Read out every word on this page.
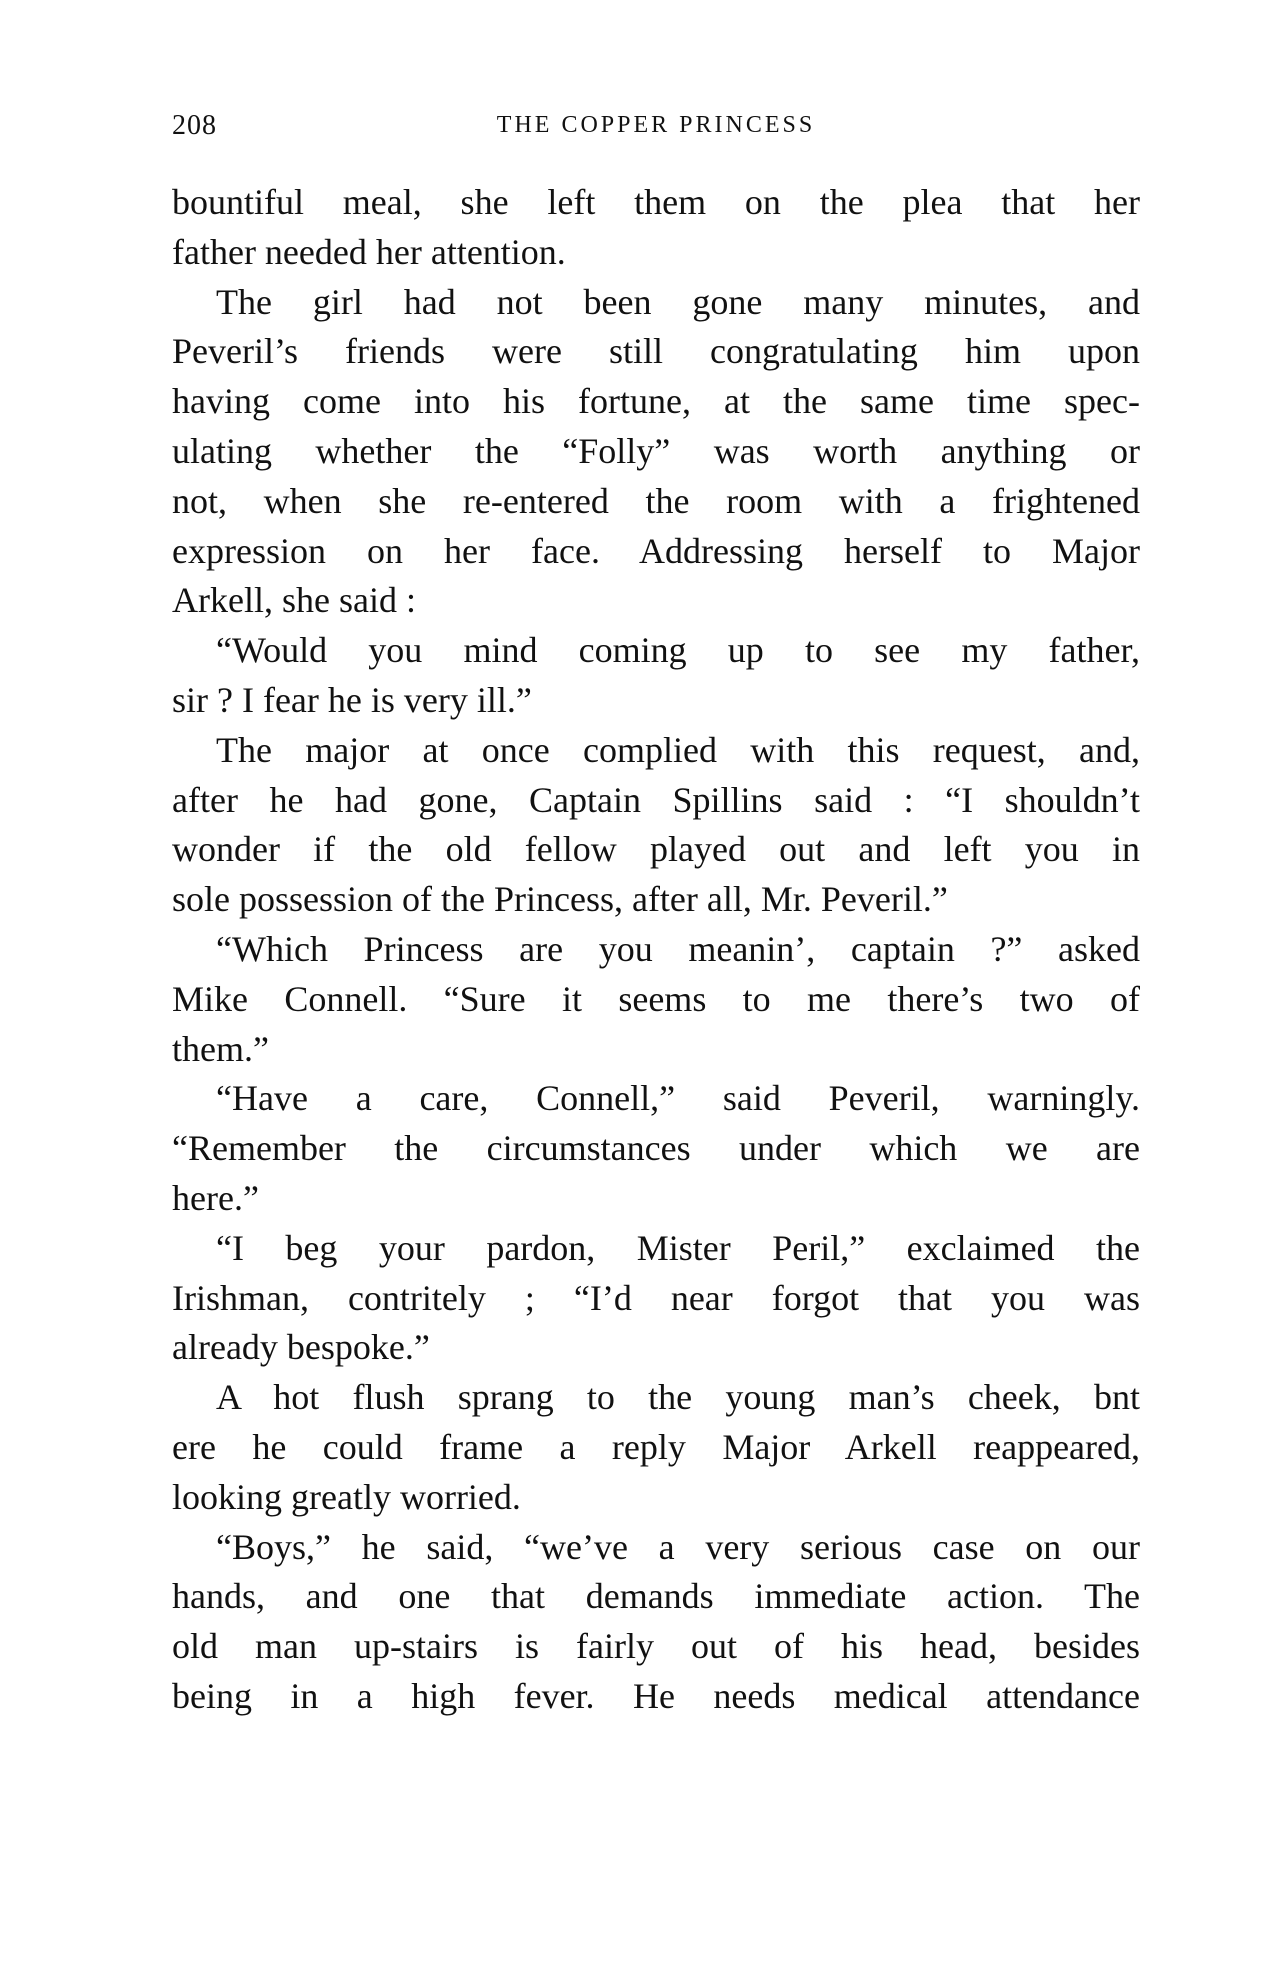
208	THE COPPER PRINCESS
bountiful meal, she left them on the plea that her
father needed her attention.
The girl had not been gone many minutes, and
Peveril’s friends were still congratulating him upon
having come into his fortune, at the same time spec-
ulating whether the “Folly” was worth anything or
not, when she re-entered the room with a frightened
expression on her face. Addressing herself to Major
Arkell, she said :
“Would you mind coming up to see my father,
sir ? I fear he is very ill.”
The major at once complied with this request, and,
after he had gone, Captain Spillins said : “I shouldn’t
wonder if the old fellow played out and left you in
sole possession of the Princess, after all, Mr. Peveril.”
“Which Princess are you meanin’, captain ?” asked
Mike Connell. “Sure it seems to me there’s two of
them.”
“Have a care, Connell,” said Peveril, warningly.
“Remember the circumstances under which we are
here.”
“I beg your pardon, Mister Peril,” exclaimed the
Irishman, contritely ; “I’d near forgot that you was
already bespoke.”
A hot flush sprang to the young man’s cheek, bnt
ere he could frame a reply Major Arkell reappeared,
looking greatly worried.
“Boys,” he said, “we’ve a very serious case on our
hands, and one that demands immediate action. The
old man up-stairs is fairly out of his head, besides
being in a high fever. He needs medical attendance
